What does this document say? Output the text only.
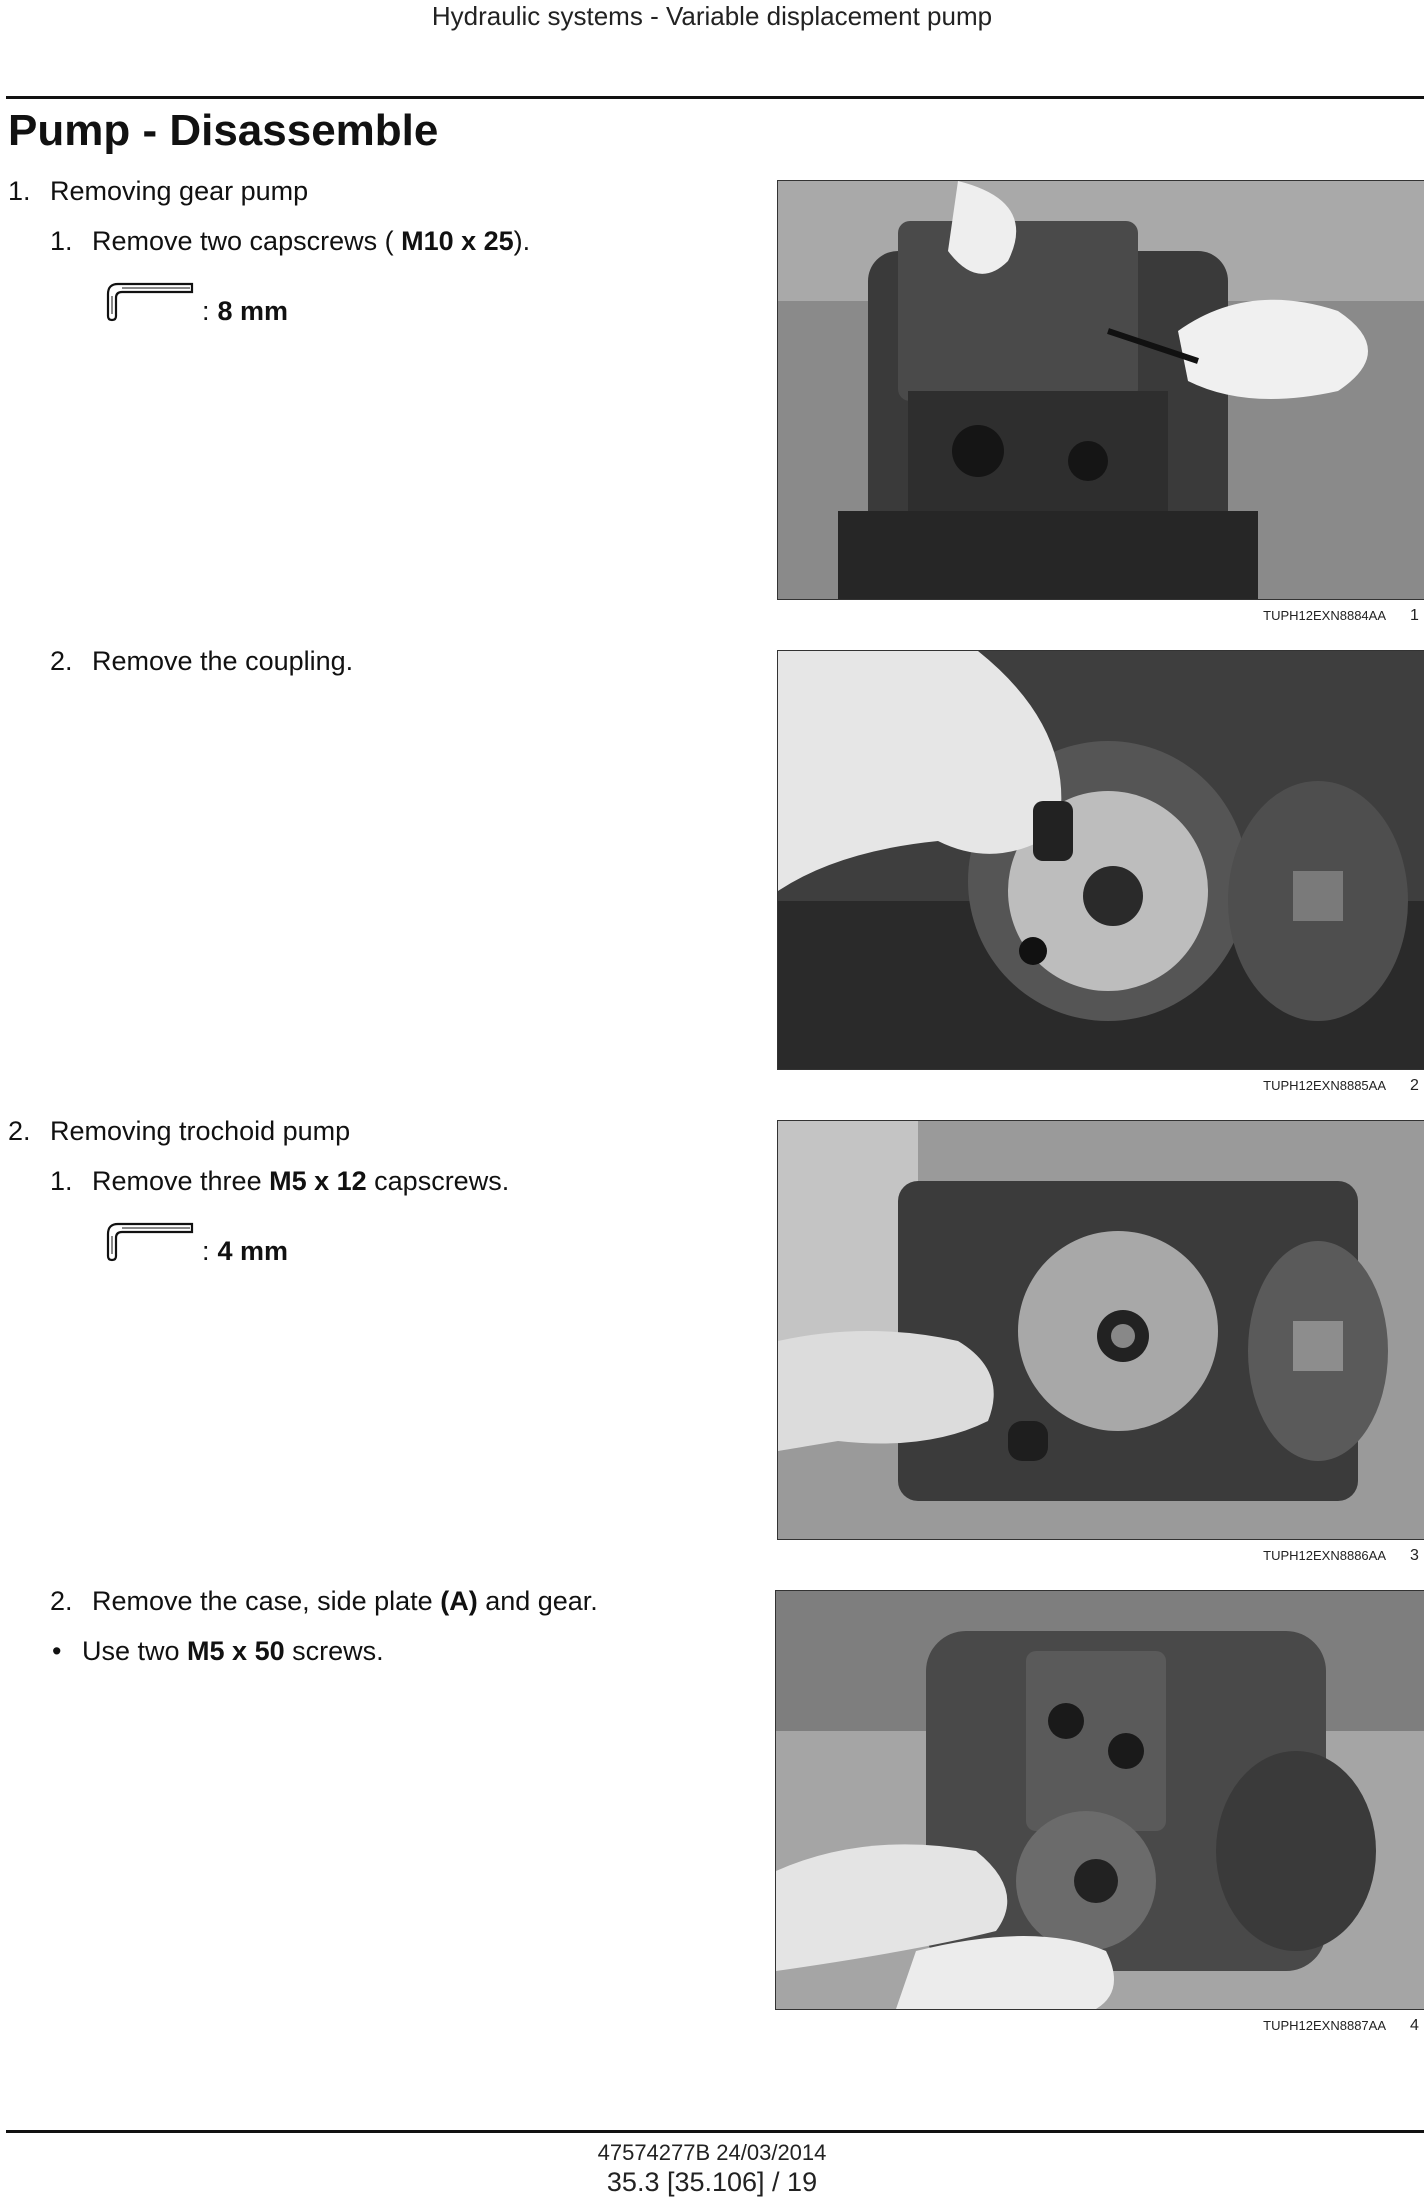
Hydraulic systems - Variable displacement pump
Pump - Disassemble
1. Removing gear pump
1. Remove two capscrews ( M10 x 25).
: 8 mm
TUPH12EXN8884AA 1
2. Remove the coupling.
TUPH12EXN8885AA 2
2. Removing trochoid pump
1. Remove three M5 x 12 capscrews.
: 4 mm
TUPH12EXN8886AA 3
2. Remove the case, side plate (A) and gear.
• Use two M5 x 50 screws.
TUPH12EXN8887AA 4
47574277B 24/03/2014
35.3 [35.106] / 19
